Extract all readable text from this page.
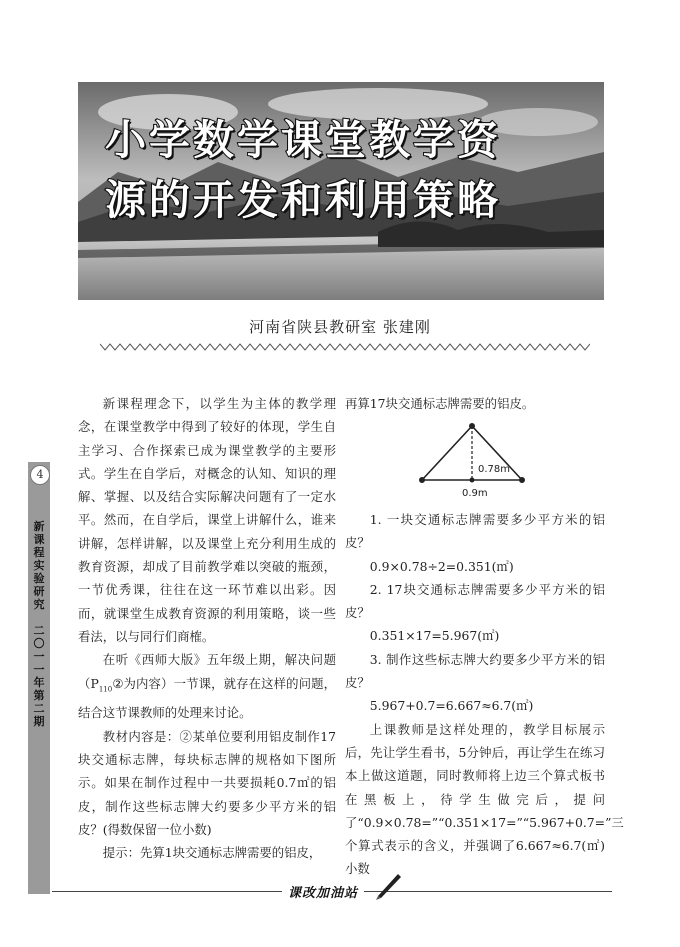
4
新课程实验研究
二〇一一年 第二期
小学数学课堂教学资
源的开发和利用策略
河南省陕县教研室 张建刚

新课程理念下，以学生为主体的教学理念，在课堂教学中得到了较好的体现，学生自主学习、合作探索已成为课堂教学的主要形式。学生在自学后，对概念的认知、知识的理解、掌握、以及结合实际解决问题有了一定水平。然而，在自学后，课堂上讲解什么，谁来讲解，怎样讲解，以及课堂上充分利用生成的教育资源，却成了目前教学难以突破的瓶颈，一节优秀课，往往在这一环节难以出彩。因而，就课堂生成教育资源的利用策略，谈一些看法，以与同行们商榷。

在听《西师大版》五年级上期，解决问题（$P_{110}②$为内容）一节课，就存在这样的问题，结合这节课教师的处理来讨论。

教材内容是：②某单位要利用铝皮制作17块交通标志牌，每块标志牌的规格如下图所示。如果在制作过程中一共要损耗0.7㎡的铝皮，制作这些标志牌大约要多少平方米的铝皮？(得数保留一位小数)

提示：先算1块交通标志牌需要的铝皮，

再算17块交通标志牌需要的铝皮。
0.78m
0.9m

1. 一块交通标志牌需要多少平方米的铝皮？

0.9×0.78÷2=0.351(㎡)

2. 17块交通标志牌需要多少平方米的铝皮？

0.351×17=5.967(㎡)

3. 制作这些标志牌大约要多少平方米的铝皮？

5.967+0.7=6.667≈6.7(㎡)

上课教师是这样处理的，教学目标展示后，先让学生看书，5分钟后，再让学生在练习本上做这道题，同时教师将上边三个算式板书在黑板上，待学生做完后，提问了“0.9×0.78=”“0.351×17=”“5.967+0.7=”三个算式表示的含义，并强调了6.667≈6.7(㎡)小数

课改加油站
